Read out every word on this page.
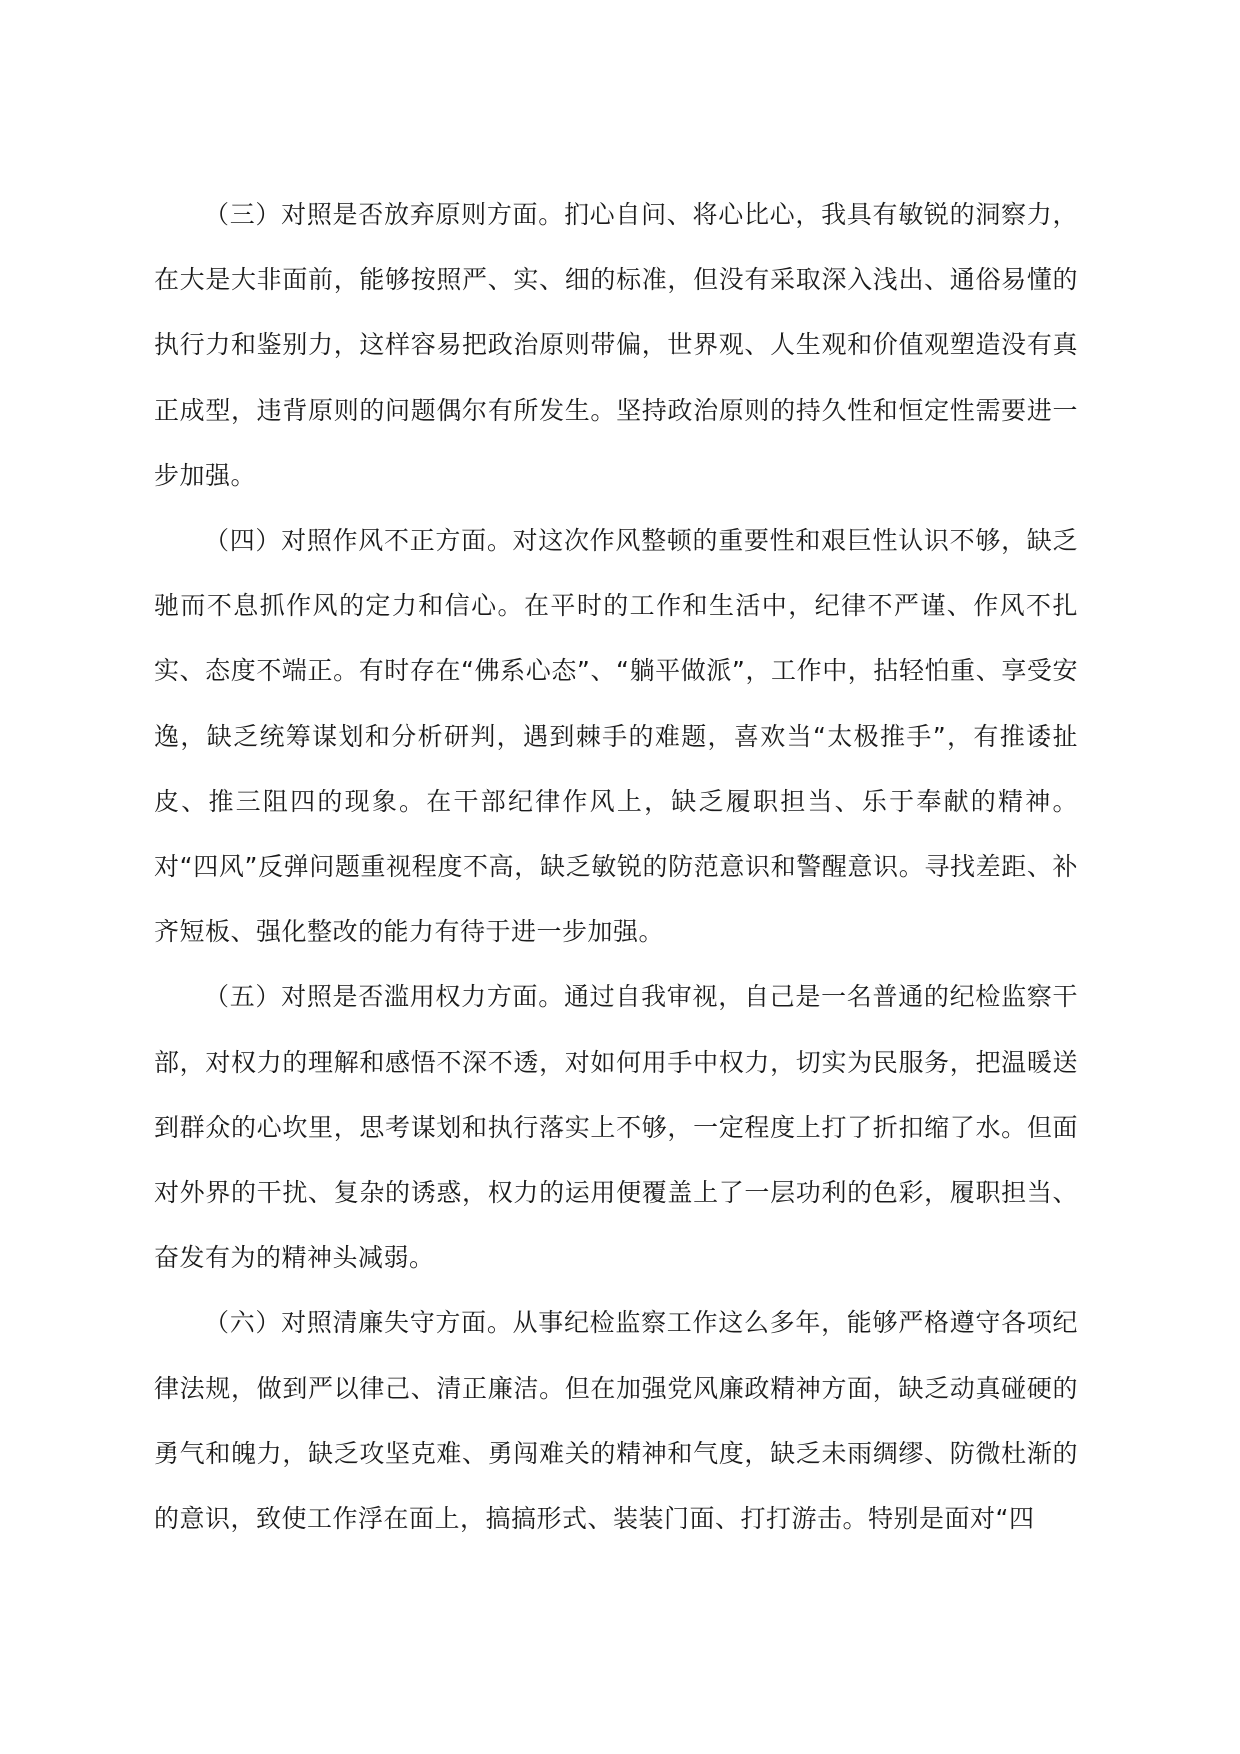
（三）对照是否放弃原则方面。扪心自问、将心比心，我具有敏锐的洞察力，在大是大非面前，能够按照严、实、细的标准，但没有采取深入浅出、通俗易懂的执行力和鉴别力，这样容易把政治原则带偏，世界观、人生观和价值观塑造没有真正成型，违背原则的问题偶尔有所发生。坚持政治原则的持久性和恒定性需要进一步加强。

（四）对照作风不正方面。对这次作风整顿的重要性和艰巨性认识不够，缺乏驰而不息抓作风的定力和信心。在平时的工作和生活中，纪律不严谨、作风不扎实、态度不端正。有时存在“佛系心态”、“躺平做派”，工作中，拈轻怕重、享受安逸，缺乏统筹谋划和分析研判，遇到棘手的难题，喜欢当“太极推手”，有推诿扯皮、推三阻四的现象。在干部纪律作风上，缺乏履职担当、乐于奉献的精神。对“四风”反弹问题重视程度不高，缺乏敏锐的防范意识和警醒意识。寻找差距、补齐短板、强化整改的能力有待于进一步加强。

（五）对照是否滥用权力方面。通过自我审视，自己是一名普通的纪检监察干部，对权力的理解和感悟不深不透，对如何用手中权力，切实为民服务，把温暖送到群众的心坎里，思考谋划和执行落实上不够，一定程度上打了折扣缩了水。但面对外界的干扰、复杂的诱惑，权力的运用便覆盖上了一层功利的色彩，履职担当、奋发有为的精神头减弱。

（六）对照清廉失守方面。从事纪检监察工作这么多年，能够严格遵守各项纪律法规，做到严以律己、清正廉洁。但在加强党风廉政精神方面，缺乏动真碰硬的勇气和魄力，缺乏攻坚克难、勇闯难关的精神和气度，缺乏未雨绸缪、防微杜渐的的意识，致使工作浮在面上，搞搞形式、装装门面、打打游击。特别是面对“四
